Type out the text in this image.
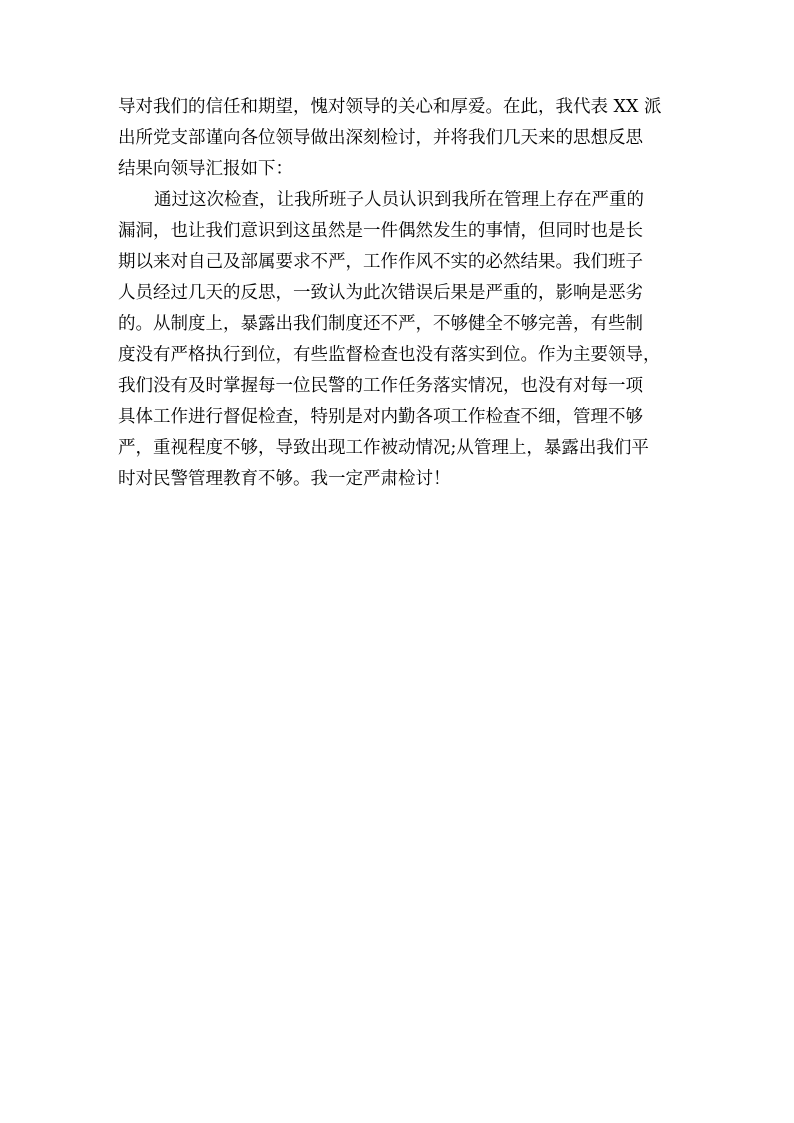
导对我们的信任和期望，愧对领导的关心和厚爱。在此，我代表 XX 派
出所党支部谨向各位领导做出深刻检讨，并将我们几天来的思想反思
结果向领导汇报如下：
通过这次检查，让我所班子人员认识到我所在管理上存在严重的
漏洞，也让我们意识到这虽然是一件偶然发生的事情，但同时也是长
期以来对自己及部属要求不严，工作作风不实的必然结果。我们班子
人员经过几天的反思，一致认为此次错误后果是严重的，影响是恶劣
的。从制度上，暴露出我们制度还不严，不够健全不够完善，有些制
度没有严格执行到位，有些监督检查也没有落实到位。作为主要领导，
我们没有及时掌握每一位民警的工作任务落实情况，也没有对每一项
具体工作进行督促检查，特别是对内勤各项工作检查不细，管理不够
严，重视程度不够，导致出现工作被动情况;从管理上，暴露出我们平
时对民警管理教育不够。我一定严肃检讨！
